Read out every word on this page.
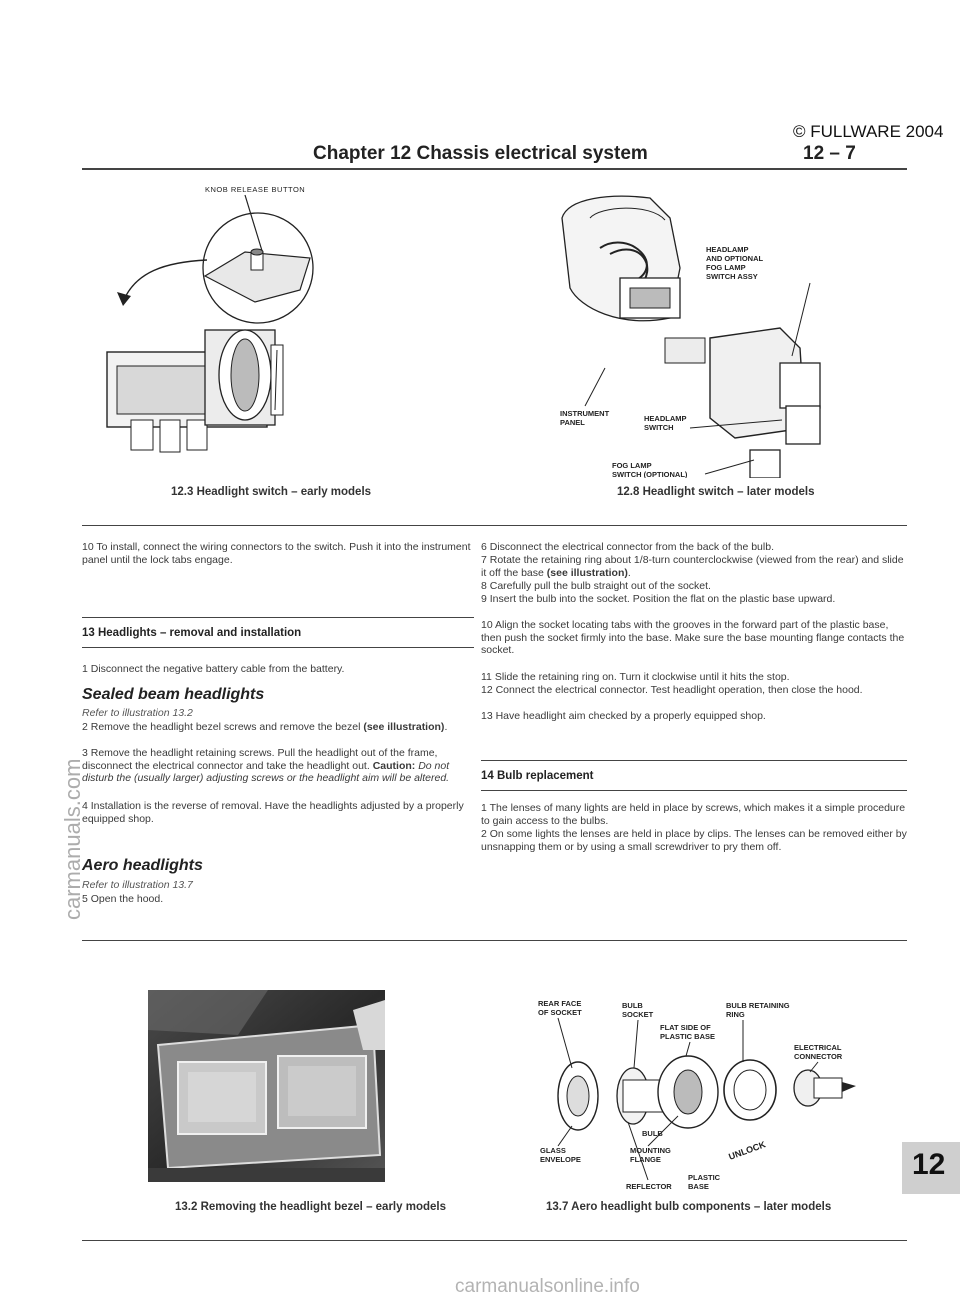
© FULLWARE 2004
Chapter 12 Chassis electrical system	12 – 7
KNOB RELEASE BUTTON
12.3 Headlight switch – early models
HEADLAMP
AND OPTIONAL
FOG LAMP
SWITCH ASSY
INSTRUMENT
PANEL	HEADLAMP
SWITCH
FOG LAMP
SWITCH (OPTIONAL)
12.8 Headlight switch – later models
10 To install, connect the wiring connectors to the switch. Push it into the instrument panel until the lock tabs engage.
13 Headlights – removal and installation
1 Disconnect the negative battery cable from the battery.
Sealed beam headlights
Refer to illustration 13.2
2 Remove the headlight bezel screws and remove the bezel (see illustration).
3 Remove the headlight retaining screws. Pull the headlight out of the frame, disconnect the electrical connector and take the headlight out. Caution: Do not disturb the (usually larger) adjusting screws or the headlight aim will be altered.
4 Installation is the reverse of removal. Have the headlights adjusted by a properly equipped shop.
Aero headlights
Refer to illustration 13.7
5 Open the hood.
6 Disconnect the electrical connector from the back of the bulb.
7 Rotate the retaining ring about 1/8-turn counterclockwise (viewed from the rear) and slide it off the base (see illustration).
8 Carefully pull the bulb straight out of the socket.
9 Insert the bulb into the socket. Position the flat on the plastic base upward.
10 Align the socket locating tabs with the grooves in the forward part of the plastic base, then push the socket firmly into the base. Make sure the base mounting flange contacts the socket.
11 Slide the retaining ring on. Turn it clockwise until it hits the stop.
12 Connect the electrical connector. Test headlight operation, then close the hood.
13 Have headlight aim checked by a properly equipped shop.
14 Bulb replacement
1 The lenses of many lights are held in place by screws, which makes it a simple procedure to gain access to the bulbs.
2 On some lights the lenses are held in place by clips. The lenses can be removed either by unsnapping them or by using a small screwdriver to pry them off.
13.2 Removing the headlight bezel – early models
REAR FACE
OF SOCKET
BULB
SOCKET
BULB RETAINING
RING
FLAT SIDE OF
PLASTIC BASE
ELECTRICAL
CONNECTOR
BULB
GLASS
ENVELOPE
MOUNTING
FLANGE	UNLOCK
PLASTIC
BASE
REFLECTOR
13.7 Aero headlight bulb components – later models
12
carmanuals.com
carmanualsonline.info
